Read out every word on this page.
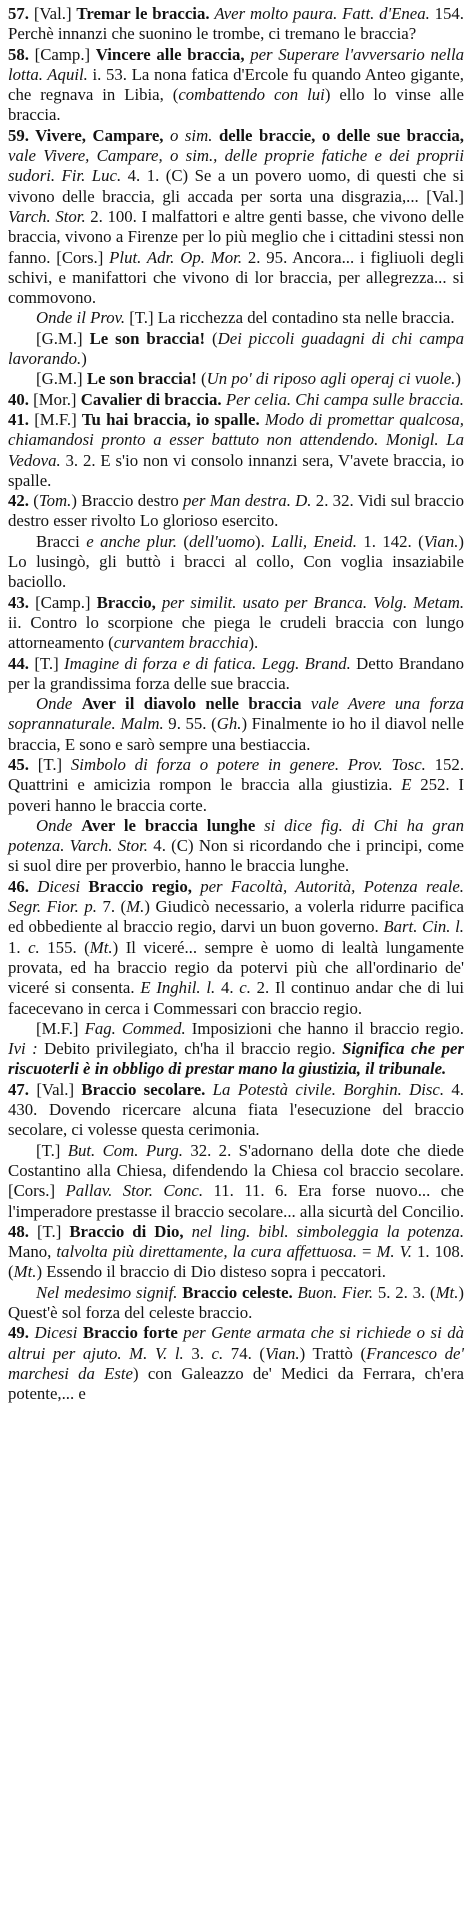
57. [Val.] Tremar le braccia. Aver molto paura. Fatt. d'Enea. 154. Perchè innanzi che suonino le trombe, ci tremano le braccia?

58. [Camp.] Vincere alle braccia, per Superare l'avversario nella lotta. Aquil. i. 53. La nona fatica d'Ercole fu quando Anteo gigante, che regnava in Libia, (combattendo con lui) ello lo vinse alle braccia.

59. Vivere, Campare, o sim. delle braccie, o delle sue braccia, vale Vivere, Campare, o sim., delle proprie fatiche e dei proprii sudori. Fir. Luc. 4. 1. (C) Se a un povero uomo, di questi che si vivono delle braccia, gli accada per sorta una disgrazia,... [Val.] Varch. Stor. 2. 100. I malfattori e altre genti basse, che vivono delle braccia, vivono a Firenze per lo più meglio che i cittadini stessi non fanno. [Cors.] Plut. Adr. Op. Mor. 2. 95. Ancora... i figliuoli degli schivi, e manifattori che vivono di lor braccia, per allegrezza... si commovono.

Onde il Prov. [T.] La ricchezza del contadino sta nelle braccia.

[G.M.] Le son braccia! (Dei piccoli guadagni di chi campa lavorando.)

[G.M.] Le son braccia! (Un po' di riposo agli operaj ci vuole.)

40. [Mor.] Cavalier di braccia. Per celia. Chi campa sulle braccia.

41. [M.F.] Tu hai braccia, io spalle. Modo di promettar qualcosa, chiamandosi pronto a esser battuto non attendendo. Monigl. La Vedova. 3. 2. E s'io non vi consolo innanzi sera, V'avete braccia, io spalle.

42. (Tom.) Braccio destro per Man destra. D. 2. 32. Vidi sul braccio destro esser rivolto Lo glorioso esercito.

Bracci e anche plur. (dell'uomo). Lalli, Eneid. 1. 142. (Vian.) Lo lusingò, gli buttò i bracci al collo, Con voglia insaziabile baciollo.

43. [Camp.] Braccio, per similit. usato per Branca. Volg. Metam. ii. Contro lo scorpione che piega le crudeli braccia con lungo attorneamento (curvantem bracchia).

44. [T.] Imagine di forza e di fatica. Legg. Brand. Detto Brandano per la grandissima forza delle sue braccia.

Onde Aver il diavolo nelle braccia vale Avere una forza soprannaturale. Malm. 9. 55. (Gh.) Finalmente io ho il diavol nelle braccia, E sono e sarò sempre una bestiaccia.

45. [T.] Simbolo di forza o potere in genere. Prov. Tosc. 152. Quattrini e amicizia rompon le braccia alla giustizia. E 252. I poveri hanno le braccia corte.

Onde Aver le braccia lunghe si dice fig. di Chi ha gran potenza. Varch. Stor. 4. (C) Non si ricordando che i principi, come si suol dire per proverbio, hanno le braccia lunghe.

46. Dicesi Braccio regio, per Facoltà, Autorità, Potenza reale. Segr. Fior. p. 7. (M.) Giudicò necessario, a volerla ridurre pacifica ed obbediente al braccio regio, darvi un buon governo. Bart. Cin. l. 1. c. 155. (Mt.) Il viceré... sempre è uomo di lealtà lungamente provata, ed ha braccio regio da potervi più che all'ordinario de' viceré si consenta. E Inghil. l. 4. c. 2. Il continuo andar che di lui facecevano in cerca i Commessari con braccio regio.

[M.F.] Fag. Commed. Imposizioni che hanno il braccio regio. Ivi : Debito privilegiato, ch'ha il braccio regio. Significa che per riscuoterli è in obbligo di prestar mano la giustizia, il tribunale.

47. [Val.] Braccio secolare. La Potestà civile. Borghin. Disc. 4. 430. Dovendo ricercare alcuna fiata l'esecuzione del braccio secolare, ci volesse questa cerimonia.

[T.] But. Com. Purg. 32. 2. S'adornano della dote che diede Costantino alla Chiesa, difendendo la Chiesa col braccio secolare. [Cors.] Pallav. Stor. Conc. 11. 11. 6. Era forse nuovo... che l'imperadore prestasse il braccio secolare... alla sicurtà del Concilio.

48. [T.] Braccio di Dio, nel ling. bibl. simboleggia la potenza. Mano, talvolta più direttamente, la cura affettuosa. = M. V. 1. 108. (Mt.) Essendo il braccio di Dio disteso sopra i peccatori.

Nel medesimo signif. Braccio celeste. Buon. Fier. 5. 2. 3. (Mt.) Quest'è sol forza del celeste braccio.

49. Dicesi Braccio forte per Gente armata che si richiede o si dà altrui per ajuto. M. V. l. 3. c. 74. (Vian.) Trattò (Francesco de' marchesi da Este) con Galeazzo de' Medici da Ferrara, ch'era potente,... e
